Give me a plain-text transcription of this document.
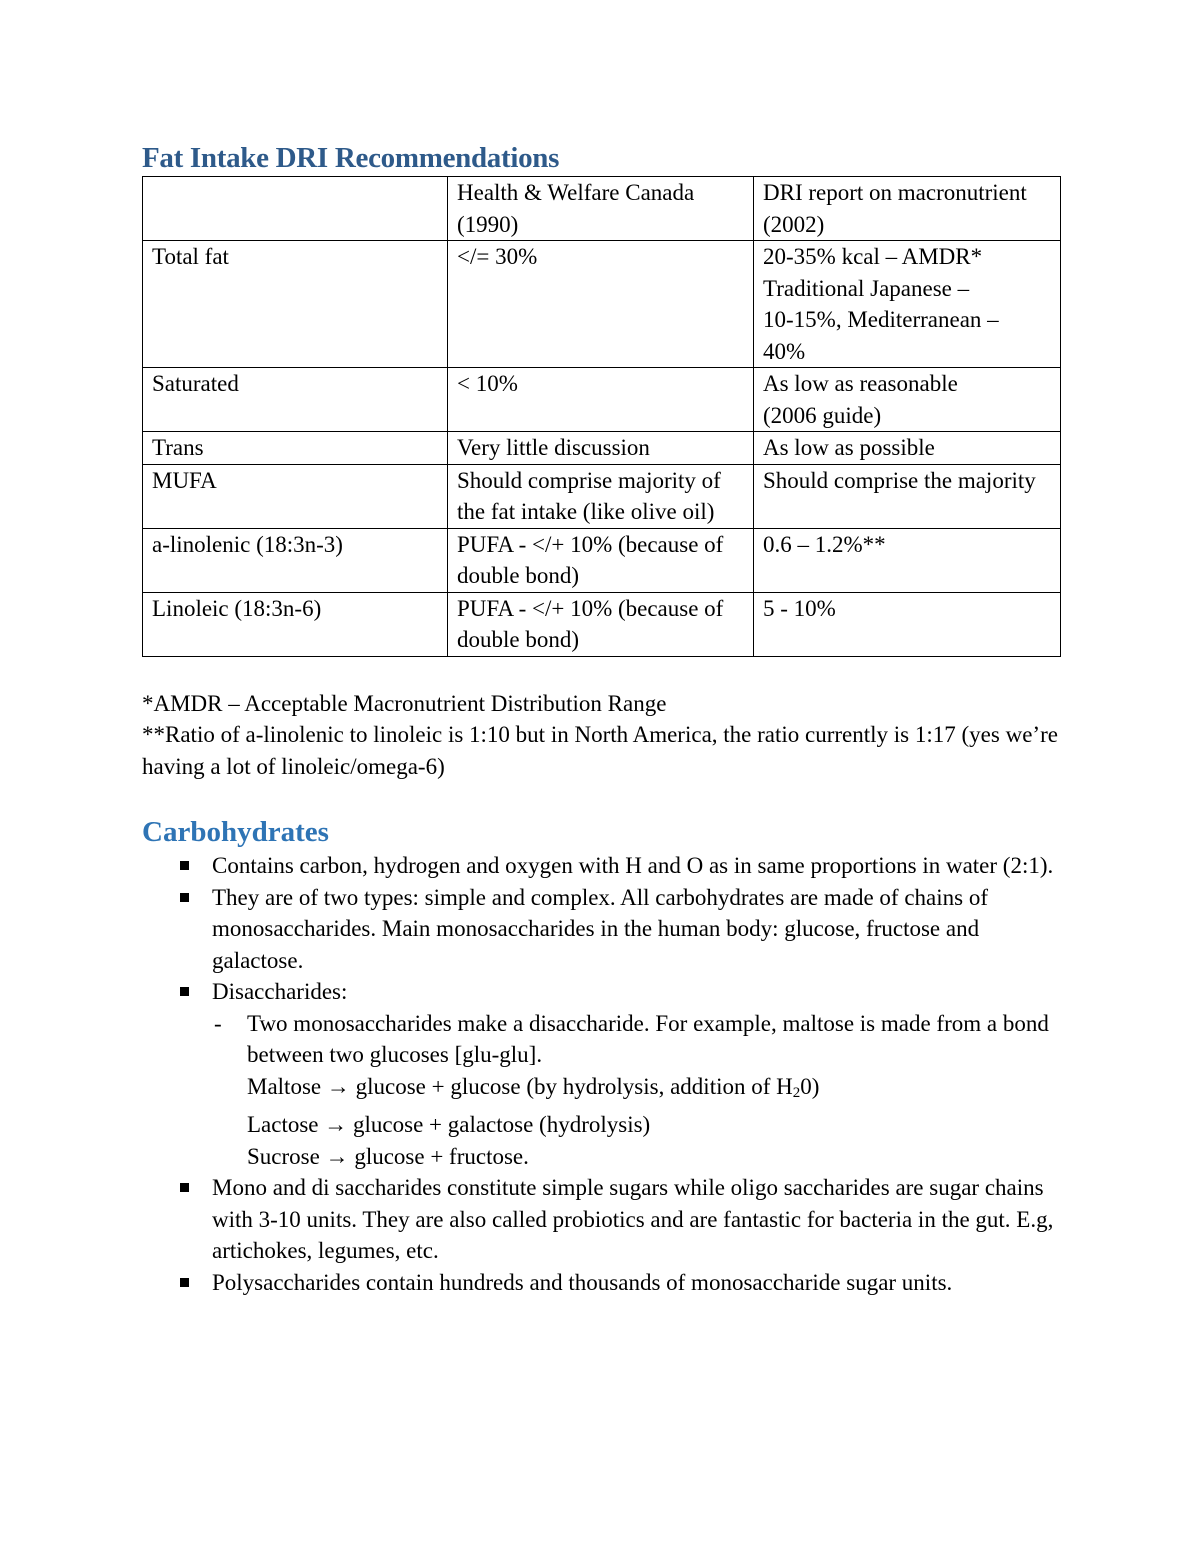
Fat Intake DRI Recommendations
	Health & Welfare Canada (1990)	DRI report on macronutrient (2002)
Total fat	</= 30%	20-35% kcal – AMDR*
Traditional Japanese –
10-15%, Mediterranean –
40%

Saturated	< 10%	As low as reasonable
(2006 guide)

Trans	Very little discussion	As low as possible

MUFA	Should comprise majority of the fat intake (like olive oil)	Should comprise the majority

a-linolenic (18:3n-3)	PUFA - </+ 10% (because of double bond)	0.6 – 1.2%**

Linoleic (18:3n-6)	PUFA - </+ 10% (because of double bond)	5 - 10%

*AMDR – Acceptable Macronutrient Distribution Range

**Ratio of a-linolenic to linoleic is 1:10 but in North America, the ratio currently is 1:17 (yes we’re having a lot of linoleic/omega-6)

Carbohydrates
Contains carbon, hydrogen and oxygen with H and O as in same proportions in water (2:1).
They are of two types: simple and complex. All carbohydrates are made of chains of monosaccharides. Main monosaccharides in the human body: glucose, fructose and galactose.
Disaccharides:
- Two monosaccharides make a disaccharide. For example, maltose is made from a bond between two glucoses [glu-glu].
Maltose → glucose + glucose (by hydrolysis, addition of $H_20$)
Lactose → glucose + galactose (hydrolysis)
Sucrose → glucose + fructose.
Mono and di saccharides constitute simple sugars while oligo saccharides are sugar chains with 3-10 units. They are also called probiotics and are fantastic for bacteria in the gut. E.g, artichokes, legumes, etc.
Polysaccharides contain hundreds and thousands of monosaccharide sugar units.
